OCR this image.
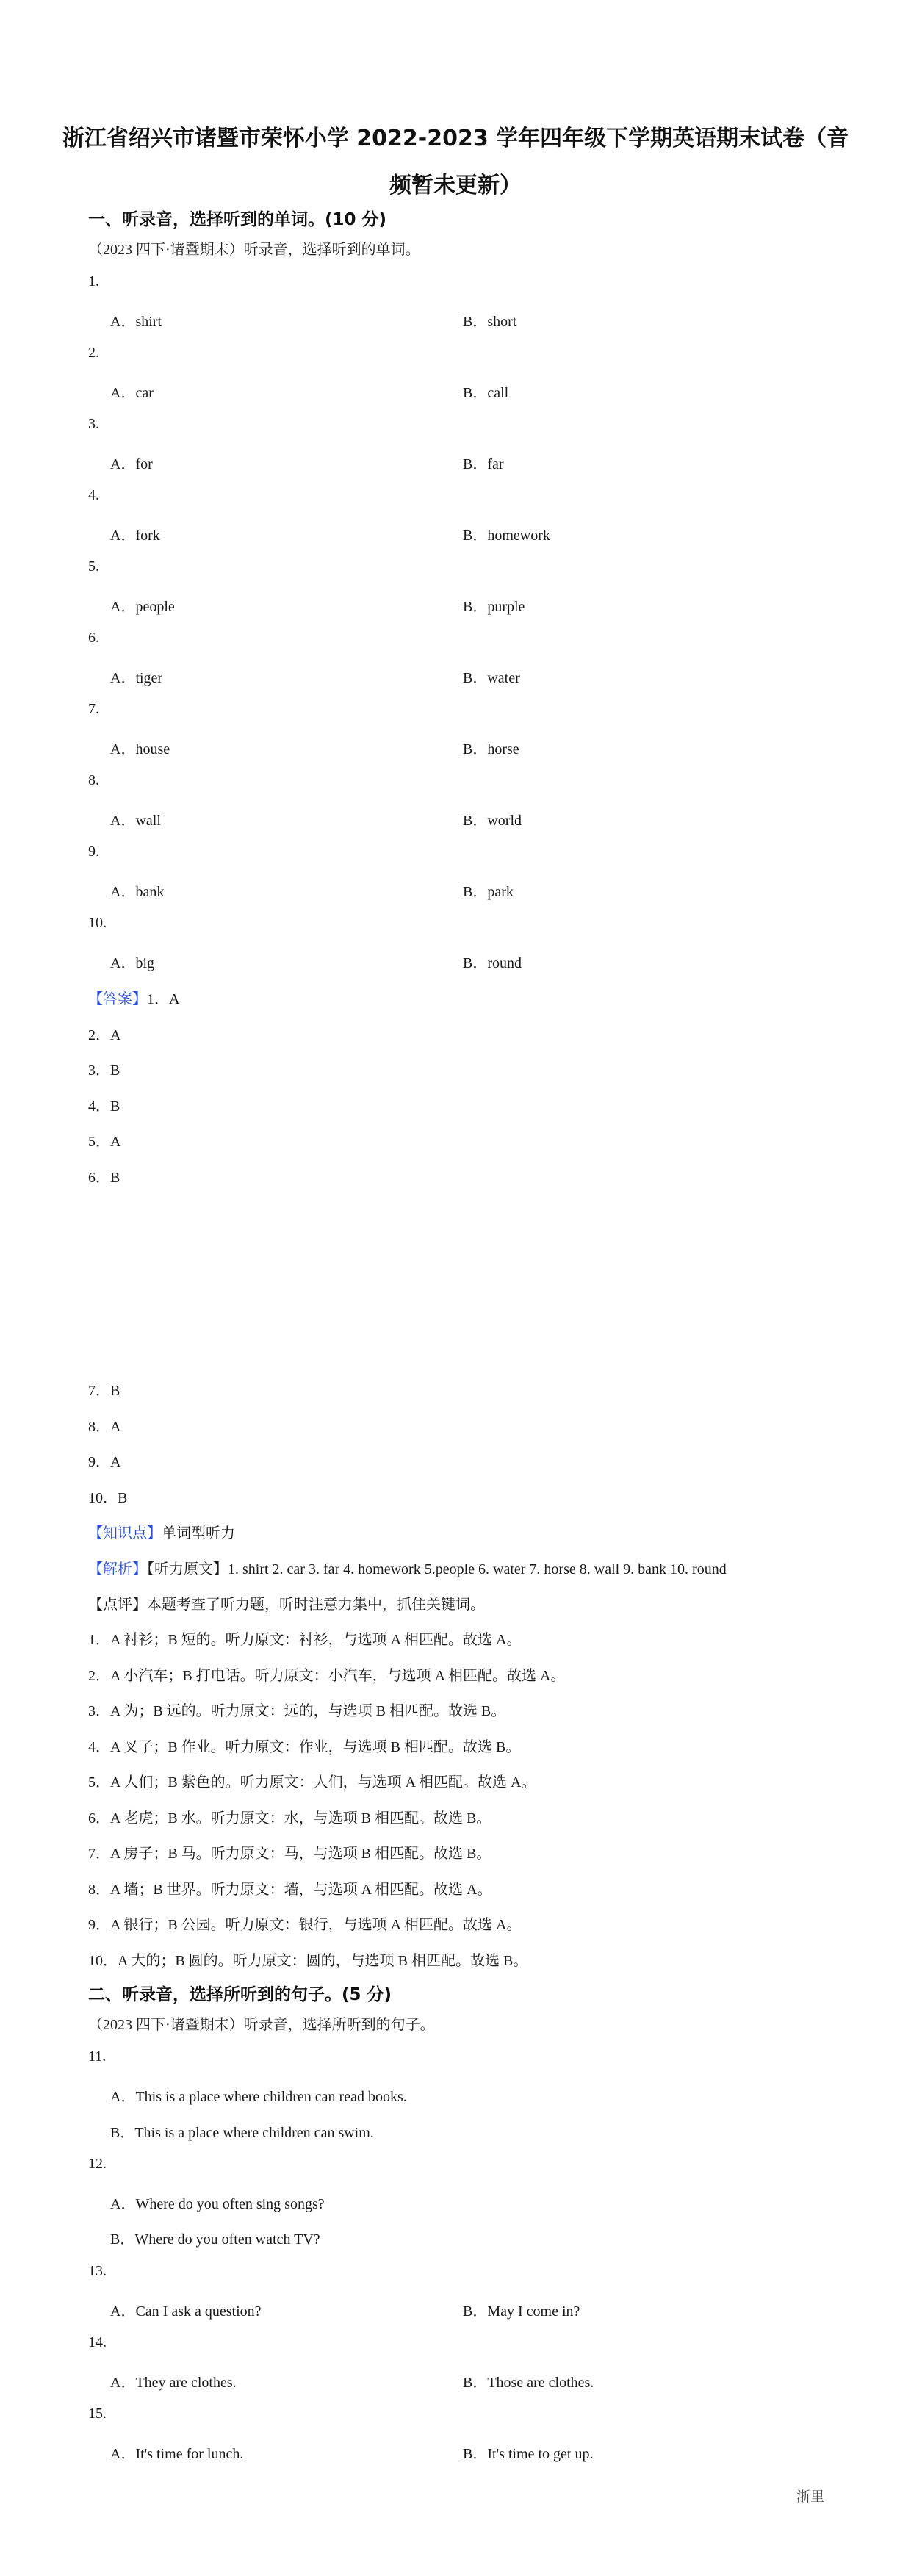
浙江省绍兴市诸暨市荣怀小学 2022-2023 学年四年级下学期英语期末试卷（音
频暂未更新）
一、听录音，选择听到的单词。(10 分)
（2023 四下·诸暨期末）听录音，选择听到的单词。
1.
A．shirt	B．short
2.
A．car	B．call
3.
A．for	B．far
4.
A．fork	B．homework
5.
A．people	B．purple
6.
A．tiger	B．water
7.
A．house	B．horse
8.
A．wall	B．world
9.
A．bank	B．park
10.
A．big	B．round
【答案】1．A
2．A
3．B
4．B
5．A
6．B
7．B
8．A
9．A
10．B
【知识点】单词型听力
【解析】【听力原文】1. shirt 2. car 3. far 4. homework 5.people 6. water 7. horse 8. wall 9. bank 10. round
【点评】本题考查了听力题，听时注意力集中，抓住关键词。
1．A 衬衫；B 短的。听力原文：衬衫，与选项 A 相匹配。故选 A。
2．A 小汽车；B 打电话。听力原文：小汽车，与选项 A 相匹配。故选 A。
3．A 为；B 远的。听力原文：远的，与选项 B 相匹配。故选 B。
4．A 叉子；B 作业。听力原文：作业，与选项 B 相匹配。故选 B。
5．A 人们；B 紫色的。听力原文：人们，与选项 A 相匹配。故选 A。
6．A 老虎；B 水。听力原文：水，与选项 B 相匹配。故选 B。
7．A 房子；B 马。听力原文：马，与选项 B 相匹配。故选 B。
8．A 墙；B 世界。听力原文：墙，与选项 A 相匹配。故选 A。
9．A 银行；B 公园。听力原文：银行，与选项 A 相匹配。故选 A。
10．A 大的；B 圆的。听力原文：圆的，与选项 B 相匹配。故选 B。
二、听录音，选择所听到的句子。(5 分)
（2023 四下·诸暨期末）听录音，选择所听到的句子。
11.
A．This is a place where children can read books.
B．This is a place where children can swim.
12.
A．Where do you often sing songs?
B．Where do you often watch TV?
13.
A．Can I ask a question?	B．May I come in?
14.
A．They are clothes.	B．Those are clothes.
15.
A．It's time for lunch.	B．It's time to get up.
浙里
